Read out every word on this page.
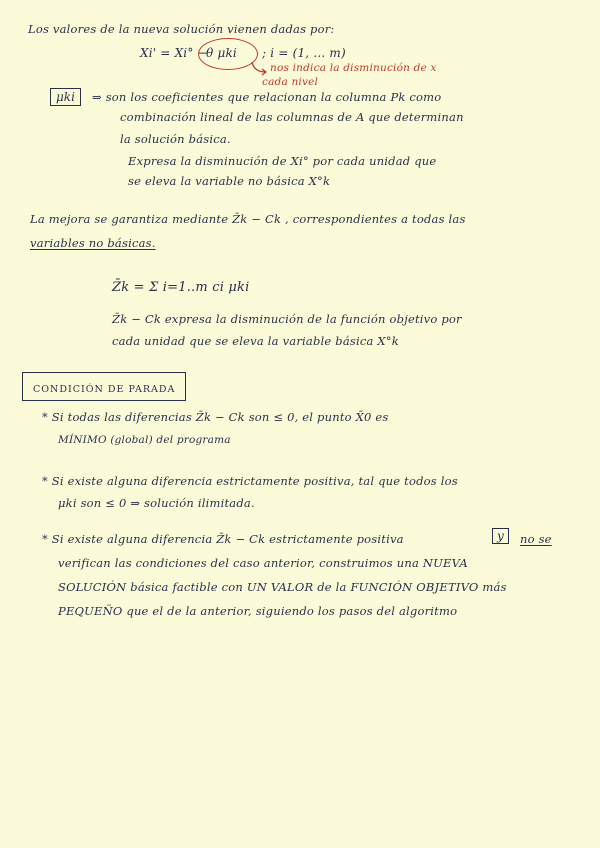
Los valores de la nueva solución vienen dadas por:
Xi' = Xi° −
θ μki ; i = (1, ... m)
nos indica la disminución de x
cada nivel
μki	⇒ son los coeficientes que relacionan la columna Pk como
combinación lineal de las columnas de A que determinan
la solución básica.
Expresa la disminución de Xi° por cada unidad que
se eleva la variable no básica X°k
La mejora se garantiza mediante Z̄k − Ck , correspondientes a todas las
variables no básicas.
Z̄k = Σ i=1..m ci μki
Z̄k − Ck expresa la disminución de la función objetivo por
cada unidad que se eleva la variable básica X°k
CONDICIÓN DE PARADA
* Si todas las diferencias Z̄k − Ck son ≤ 0, el punto X̄0 es
MÍNIMO (global) del programa
* Si existe alguna diferencia estrictamente positiva, tal que todos los
μki son ≤ 0 ⇒ solución ilimitada.
* Si existe alguna diferencia Z̄k − Ck estrictamente positiva	y	no se
verifican las condiciones del caso anterior, construimos una NUEVA
SOLUCIÓN básica factible con UN VALOR de la FUNCIÓN OBJETIVO más
PEQUEÑO que el de la anterior, siguiendo los pasos del algoritmo
